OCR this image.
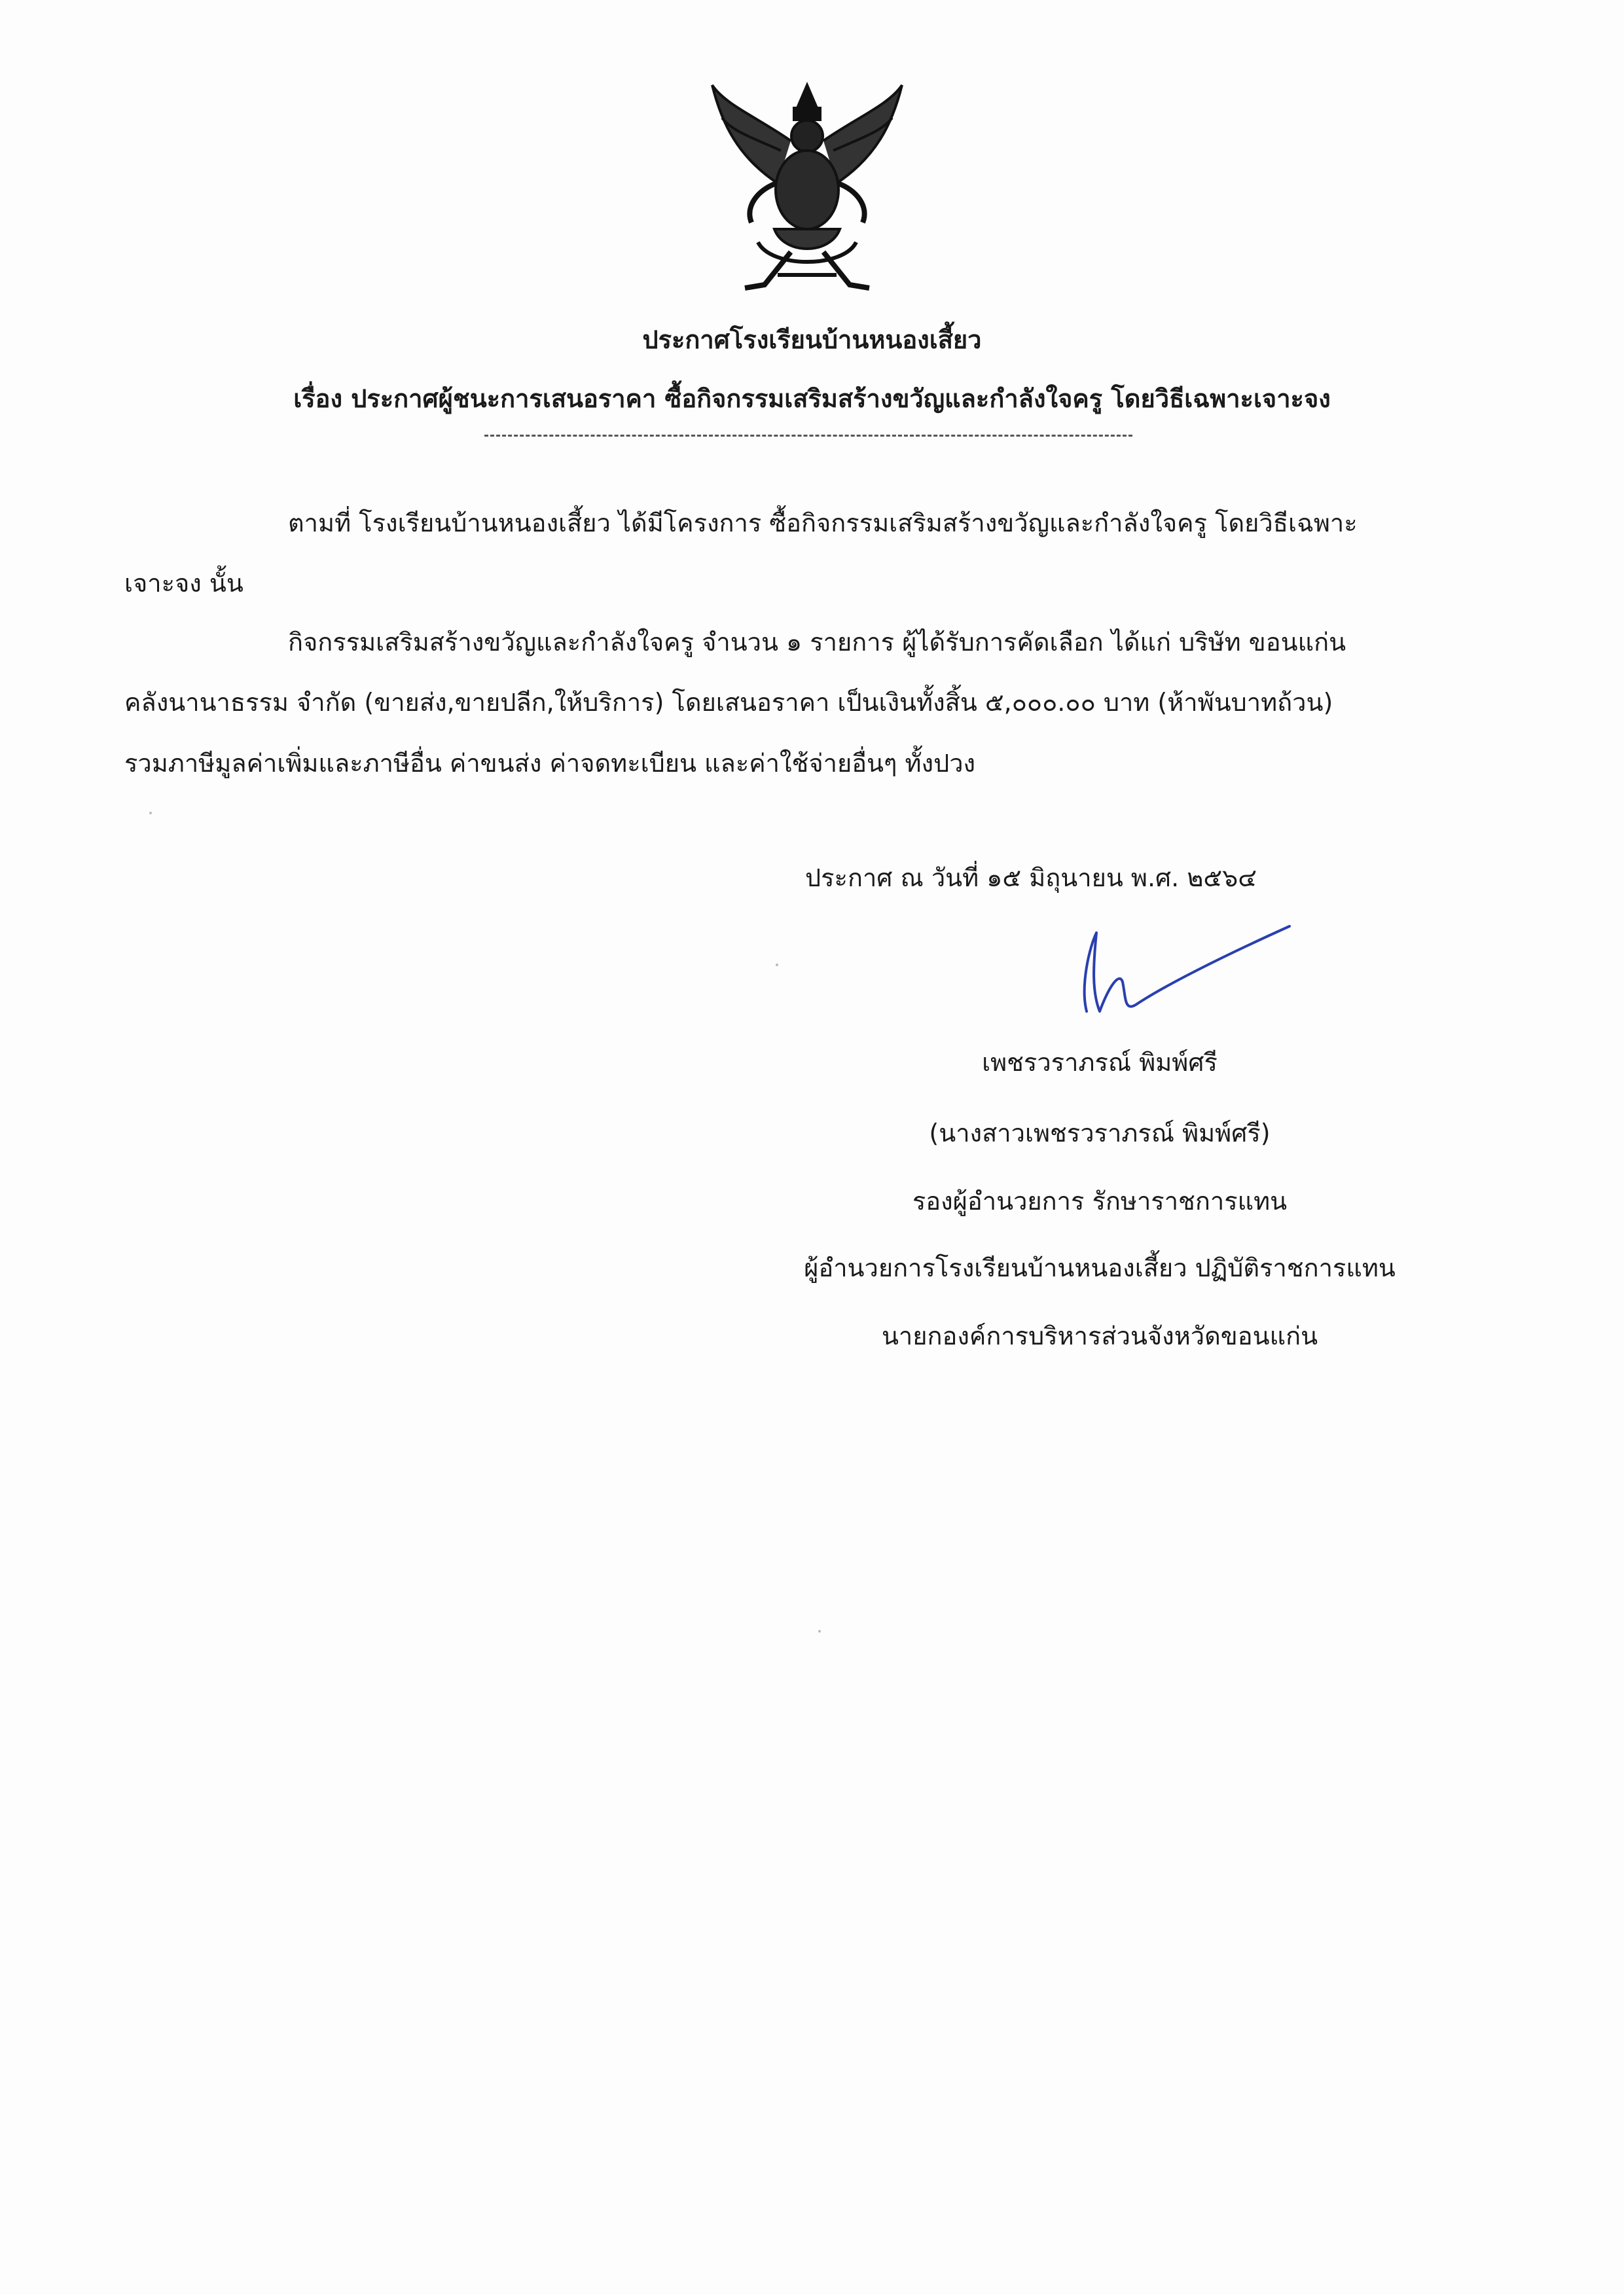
ประกาศโรงเรียนบ้านหนองเสี้ยว
เรื่อง ประกาศผู้ชนะการเสนอราคา ซื้อกิจกรรมเสริมสร้างขวัญและกำลังใจครู โดยวิธีเฉพาะเจาะจง
ตามที่ โรงเรียนบ้านหนองเสี้ยว ได้มีโครงการ ซื้อกิจกรรมเสริมสร้างขวัญและกำลังใจครู โดยวิธีเฉพาะ
เจาะจง นั้น
กิจกรรมเสริมสร้างขวัญและกำลังใจครู จำนวน ๑ รายการ ผู้ได้รับการคัดเลือก ได้แก่ บริษัท ขอนแก่น
คลังนานาธรรม จำกัด (ขายส่ง,ขายปลีก,ให้บริการ) โดยเสนอราคา เป็นเงินทั้งสิ้น ๕,๐๐๐.๐๐ บาท (ห้าพันบาทถ้วน)
รวมภาษีมูลค่าเพิ่มและภาษีอื่น ค่าขนส่ง ค่าจดทะเบียน และค่าใช้จ่ายอื่นๆ ทั้งปวง
ประกาศ ณ วันที่ ๑๕ มิถุนายน พ.ศ. ๒๕๖๔
เพชรวราภรณ์ พิมพ์ศรี
(นางสาวเพชรวราภรณ์ พิมพ์ศรี)
รองผู้อำนวยการ รักษาราชการแทน
ผู้อำนวยการโรงเรียนบ้านหนองเสี้ยว ปฏิบัติราชการแทน
นายกองค์การบริหารส่วนจังหวัดขอนแก่น
